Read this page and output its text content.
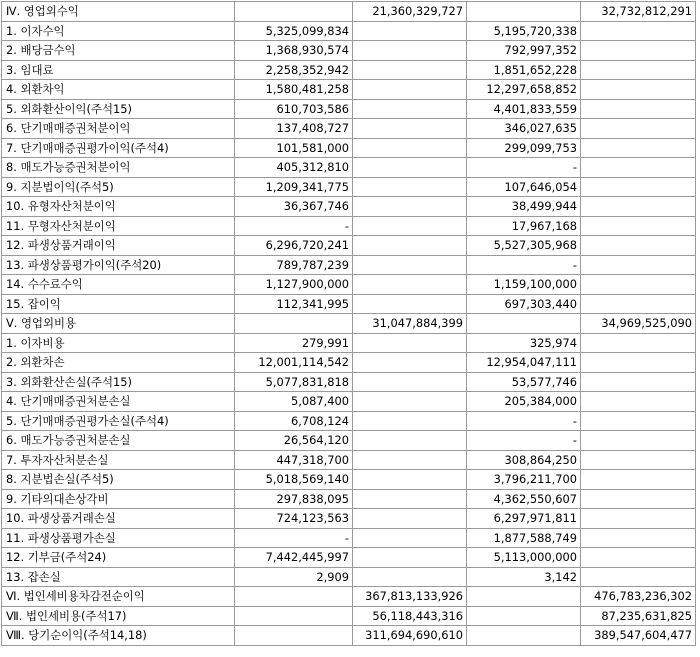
Ⅳ. 영업외수익		21,360,329,727		32,732,812,291
1. 이자수익	5,325,099,834		5,195,720,338	
2. 배당금수익	1,368,930,574		792,997,352	
3. 임대료	2,258,352,942		1,851,652,228	
4. 외환차익	1,580,481,258		12,297,658,852	
5. 외화환산이익(주석15)	610,703,586		4,401,833,559	
6. 단기매매증권처분이익	137,408,727		346,027,635	
7. 단기매매증권평가이익(주석4)	101,581,000		299,099,753	
8. 매도가능증권처분이익	405,312,810		-	
9. 지분법이익(주석5)	1,209,341,775		107,646,054	
10. 유형자산처분이익	36,367,746		38,499,944	
11. 무형자산처분이익	-		17,967,168	
12. 파생상품거래이익	6,296,720,241		5,527,305,968	
13. 파생상품평가이익(주석20)	789,787,239		-	
14. 수수료수익	1,127,900,000		1,159,100,000	
15. 잡이익	112,341,995		697,303,440	
Ⅴ. 영업외비용		31,047,884,399		34,969,525,090
1. 이자비용	279,991		325,974	
2. 외환차손	12,001,114,542		12,954,047,111	
3. 외화환산손실(주석15)	5,077,831,818		53,577,746	
4. 단기매매증권처분손실	5,087,400		205,384,000	
5. 단기매매증권평가손실(주석4)	6,708,124		-	
6. 매도가능증권처분손실	26,564,120		-	
7. 투자자산처분손실	447,318,700		308,864,250	
8. 지분법손실(주석5)	5,018,569,140		3,796,211,700	
9. 기타의대손상각비	297,838,095		4,362,550,607	
10. 파생상품거래손실	724,123,563		6,297,971,811	
11. 파생상품평가손실	-		1,877,588,749	
12. 기부금(주석24)	7,442,445,997		5,113,000,000	
13. 잡손실	2,909		3,142	
Ⅵ. 법인세비용차감전순이익		367,813,133,926		476,783,236,302
Ⅶ. 법인세비용(주석17)		56,118,443,316		87,235,631,825
Ⅷ. 당기순이익(주석14,18)		311,694,690,610		389,547,604,477
